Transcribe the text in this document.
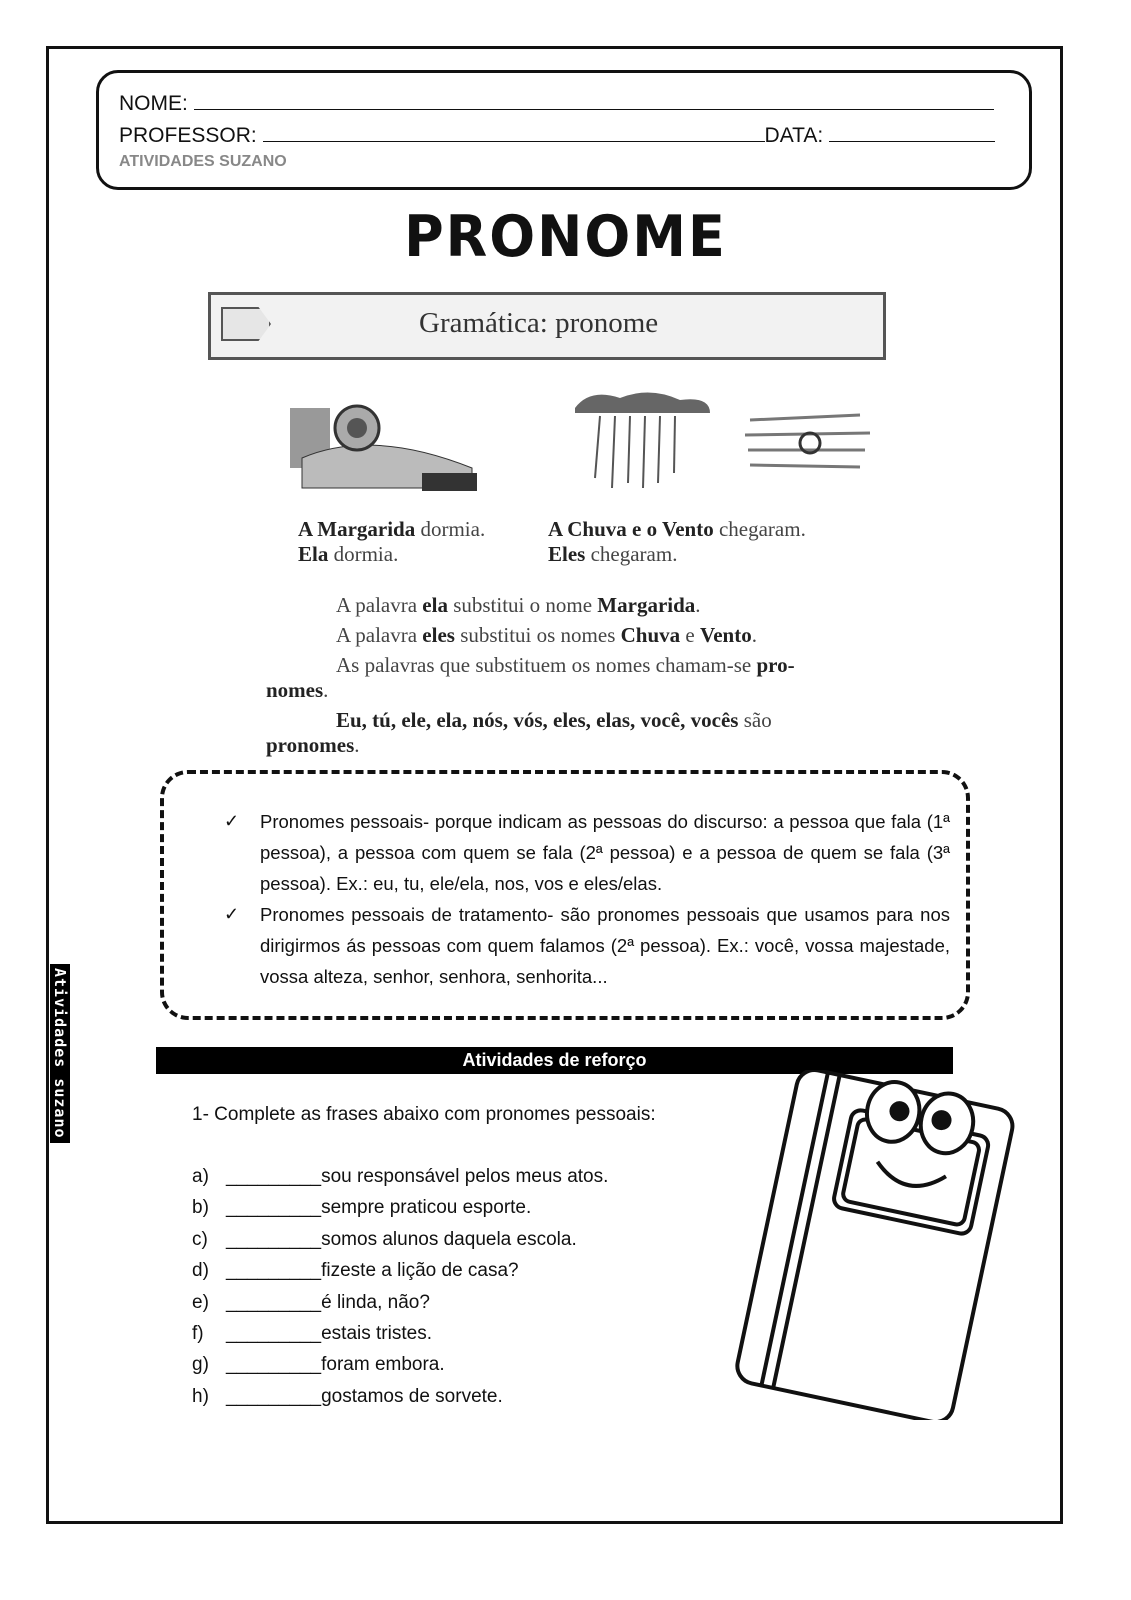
NOME:
PROFESSOR:	DATA:
ATIVIDADES SUZANO
PRONOME
Gramática: pronome
A Margarida dormia.
Ela dormia.
A Chuva e o Vento chegaram.
Eles chegaram.
A palavra ela substitui o nome Margarida.
A palavra eles substitui os nomes Chuva e Vento.
As palavras que substituem os nomes chamam-se pro-
nomes.
Eu, tú, ele, ela, nós, vós, eles, elas, você, vocês são
pronomes.
✓ Pronomes pessoais- porque indicam as pessoas do discurso: a pessoa que fala (1ª pessoa), a pessoa com quem se fala (2ª pessoa) e a pessoa de quem se fala (3ª pessoa). Ex.: eu, tu, ele/ela, nos, vos e eles/elas.
✓ Pronomes pessoais de tratamento- são pronomes pessoais que usamos para nos dirigirmos ás pessoas com quem falamos (2ª pessoa). Ex.: você, vossa majestade, vossa alteza, senhor, senhora, senhorita...
Atividades de reforço
1- Complete as frases abaixo com pronomes pessoais:
a) _________sou responsável pelos meus atos.
b) _________sempre praticou esporte.
c) _________somos alunos daquela escola.
d) _________fizeste a lição de casa?
e) _________é linda, não?
f) _________estais tristes.
g) _________foram embora.
h) _________gostamos de sorvete.
Atividades suzano
